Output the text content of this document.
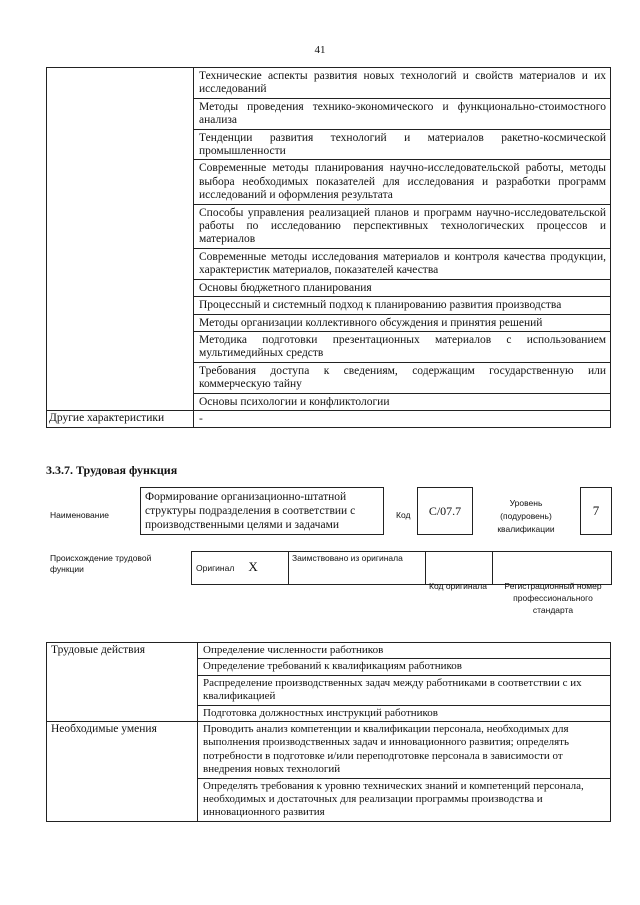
41
	Технические аспекты развития новых технологий и свойств материалов и их исследований
	Методы проведения технико-экономического и функционально-стоимостного анализа
	Тенденции развития технологий и материалов ракетно-космической промышленности
	Современные методы планирования научно-исследовательской работы, методы выбора необходимых показателей для исследования и разработки программ исследований и оформления результата
	Способы управления реализацией планов и программ научно-исследовательской работы по исследованию перспективных технологических процессов и материалов
	Современные методы исследования материалов и контроля качества продукции, характеристик материалов, показателей качества
	Основы бюджетного планирования
	Процессный и системный подход к планированию развития производства
	Методы организации коллективного обсуждения и принятия решений
	Методика подготовки презентационных материалов с использованием мультимедийных средств
	Требования доступа к сведениям, содержащим государственную или коммерческую тайну
	Основы психологии и конфликтологии
Другие характеристики	-
3.3.7. Трудовая функция
Наименование
Формирование организационно-штатной структуры подразделения в соответствии с производственными целями и задачами
Код	С/07.7
Уровень (подуровень) квалификации
7
Происхождение трудовой функции	Оригинал X	Заимствовано из оригинала		
Код оригинала	Регистрационный номер профессионального стандарта
Трудовые действия	Определение численности работников
	Определение требований к квалификациям работников
	Распределение производственных задач между работниками в соответствии с их квалификацией
	Подготовка должностных инструкций работников
Необходимые умения	Проводить анализ компетенции и квалификации персонала, необходимых для выполнения производственных задач и инновационного развития; определять потребности в подготовке и/или переподготовке персонала в зависимости от внедрения новых технологий
	Определять требования к уровню технических знаний и компетенций персонала, необходимых и достаточных для реализации программы производства и инновационного развития
